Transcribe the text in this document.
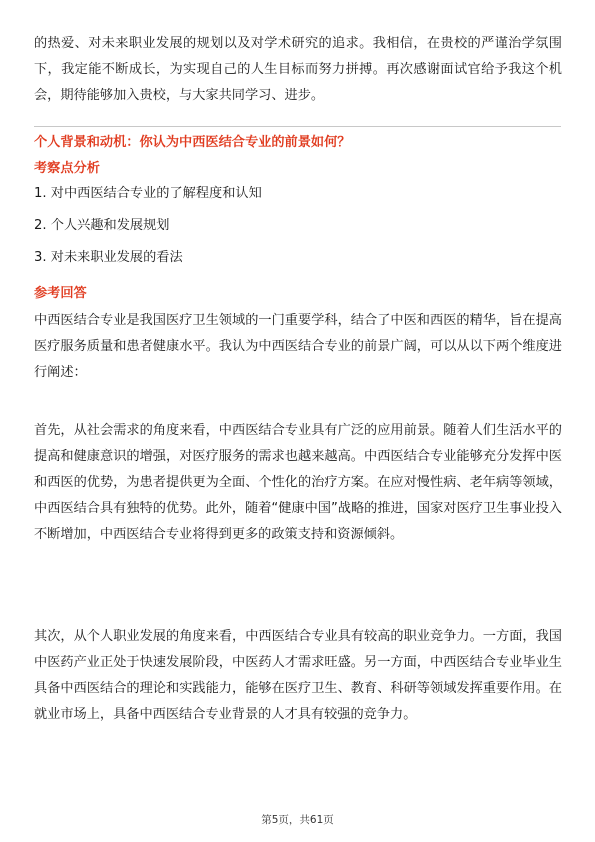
的热爱、对未来职业发展的规划以及对学术研究的追求。我相信，在贵校的严谨治学氛围下，我定能不断成长，为实现自己的人生目标而努力拼搏。再次感谢面试官给予我这个机会，期待能够加入贵校，与大家共同学习、进步。

个人背景和动机：你认为中西医结合专业的前景如何？

考察点分析

1. 对中西医结合专业的了解程度和认知
2. 个人兴趣和发展规划
3. 对未来职业发展的看法

参考回答

中西医结合专业是我国医疗卫生领域的一门重要学科，结合了中医和西医的精华，旨在提高医疗服务质量和患者健康水平。我认为中西医结合专业的前景广阔，可以从以下两个维度进行阐述：

首先，从社会需求的角度来看，中西医结合专业具有广泛的应用前景。随着人们生活水平的提高和健康意识的增强，对医疗服务的需求也越来越高。中西医结合专业能够充分发挥中医和西医的优势，为患者提供更为全面、个性化的治疗方案。在应对慢性病、老年病等领域，中西医结合具有独特的优势。此外，随着“健康中国”战略的推进，国家对医疗卫生事业投入不断增加，中西医结合专业将得到更多的政策支持和资源倾斜。

其次，从个人职业发展的角度来看，中西医结合专业具有较高的职业竞争力。一方面，我国中医药产业正处于快速发展阶段，中医药人才需求旺盛。另一方面，中西医结合专业毕业生具备中西医结合的理论和实践能力，能够在医疗卫生、教育、科研等领域发挥重要作用。在就业市场上，具备中西医结合专业背景的人才具有较强的竞争力。

第5页，共61页
